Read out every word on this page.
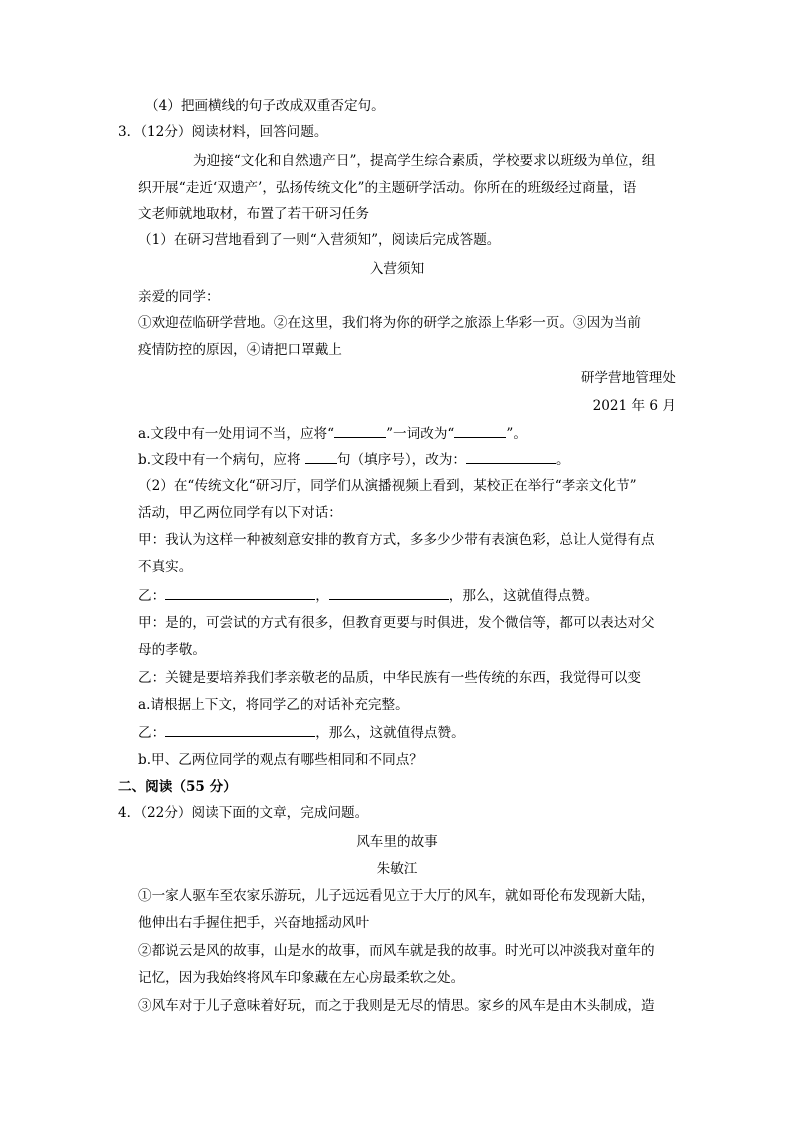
（4）把画横线的句子改成双重否定句。
3．（12分）阅读材料，回答问题。
为迎接“文化和自然遗产日”，提高学生综合素质，学校要求以班级为单位，组
织开展“走近‘双遗产’，弘扬传统文化”的主题研学活动。你所在的班级经过商量，语
文老师就地取材，布置了若干研习任务
（1）在研习营地看到了一则“入营须知”，阅读后完成答题。
入营须知
亲爱的同学：
①欢迎莅临研学营地。②在这里，我们将为你的研学之旅添上华彩一页。③因为当前
疫情防控的原因，④请把口罩戴上
研学营地管理处
2021 年 6 月
a.文段中有一处用词不当，应将“	”一词改为“	”。
b.文段中有一个病句，应将 句（填序号），改为：	。
（2）在“传统文化“研习厅，同学们从演播视频上看到，某校正在举行“孝亲文化节”
活动，甲乙两位同学有以下对话：
甲：我认为这样一种被刻意安排的教育方式，多多少少带有表演色彩，总让人觉得有点
不真实。
乙：	，	，那么，这就值得点赞。
甲：是的，可尝试的方式有很多，但教育更要与时俱进，发个微信等，都可以表达对父
母的孝敬。
乙：关键是要培养我们孝亲敬老的品质，中华民族有一些传统的东西，我觉得可以变
a.请根据上下文，将同学乙的对话补充完整。
乙：	，那么，这就值得点赞。
b.甲、乙两位同学的观点有哪些相同和不同点？
二、阅读（55 分）
4．（22分）阅读下面的文章，完成问题。
风车里的故事
朱敏江
①一家人驱车至农家乐游玩，儿子远远看见立于大厅的风车，就如哥伦布发现新大陆，
他伸出右手握住把手，兴奋地摇动风叶
②都说云是风的故事，山是水的故事，而风车就是我的故事。时光可以冲淡我对童年的
记忆，因为我始终将风车印象藏在左心房最柔软之处。
③风车对于儿子意味着好玩，而之于我则是无尽的情思。家乡的风车是由木头制成，造
